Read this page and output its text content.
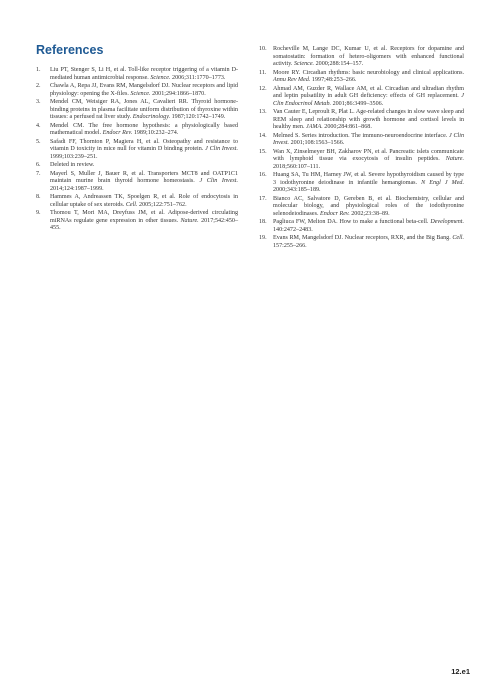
References
1. Liu PT, Stenger S, Li H, et al. Toll-like receptor triggering of a vitamin D-mediated human antimicrobial response. Science. 2006;311:1770–1773.
2. Chawla A, Repa JJ, Evans RM, Mangelsdorf DJ. Nuclear receptors and lipid physiology: opening the X-files. Science. 2001;294:1866–1870.
3. Mendel CM, Weisiger RA, Jones AL, Cavalieri RR. Thyroid hormone-binding proteins in plasma facilitate uniform distribution of thyroxine within tissues: a perfused rat liver study. Endocrinology. 1987;120:1742–1749.
4. Mendel CM. The free hormone hypothesis: a physiologically based mathematical model. Endocr Rev. 1989;10:232–274.
5. Safadi FF, Thornton P, Magiera H, et al. Osteopathy and resistance to vitamin D toxicity in mice null for vitamin D binding protein. J Clin Invest. 1999;103:239–251.
6. Deleted in review.
7. Mayerl S, Muller J, Bauer R, et al. Transporters MCT8 and OATP1C1 maintain murine brain thyroid hormone homeostasis. J Clin Invest. 2014;124:1987–1999.
8. Hammes A, Andreassen TK, Spoelgen R, et al. Role of endocytosis in cellular uptake of sex steroids. Cell. 2005;122:751–762.
9. Thomou T, Mori MA, Dreyfuss JM, et al. Adipose-derived circulating miRNAs regulate gene expression in other tissues. Nature. 2017;542:450–455.
10. Rocheville M, Lange DC, Kumar U, et al. Receptors for dopamine and somatostatin: formation of hetero-oligomers with enhanced functional activity. Science. 2000;288:154–157.
11. Moore RY. Circadian rhythms: basic neurobiology and clinical applications. Annu Rev Med. 1997;48:253–266.
12. Ahmad AM, Guzder R, Wallace AM, et al. Circadian and ultradian rhythm and leptin pulsatility in adult GH deficiency: effects of GH replacement. J Clin Endocrinol Metab. 2001;86:3499–3506.
13. Van Cauter E, Leproult R, Plat L. Age-related changes in slow wave sleep and REM sleep and relationship with growth hormone and cortisol levels in healthy men. JAMA. 2000;284:861–868.
14. Melmed S. Series introduction. The immuno-neuroendocrine interface. J Clin Invest. 2001;108:1563–1566.
15. Wan X, Zinselmeyer BH, Zakharov PN, et al. Pancreatic islets communicate with lymphoid tissue via exocytosis of insulin peptides. Nature. 2018;560:107–111.
16. Huang SA, Tu HM, Harney JW, et al. Severe hypothyroidism caused by type 3 iodothyronine deiodinase in infantile hemangiomas. N Engl J Med. 2000;343:185–189.
17. Bianco AC, Salvatore D, Gereben B, et al. Biochemistry, cellular and molecular biology, and physiological roles of the iodothyronine selenodeiodinases. Endocr Rev. 2002;23:38–89.
18. Pagliuca FW, Melton DA. How to make a functional beta-cell. Development. 140:2472–2483.
19. Evans RM, Mangelsdorf DJ. Nuclear receptors, RXR, and the Big Bang. Cell. 157:255–266.
12.e1
